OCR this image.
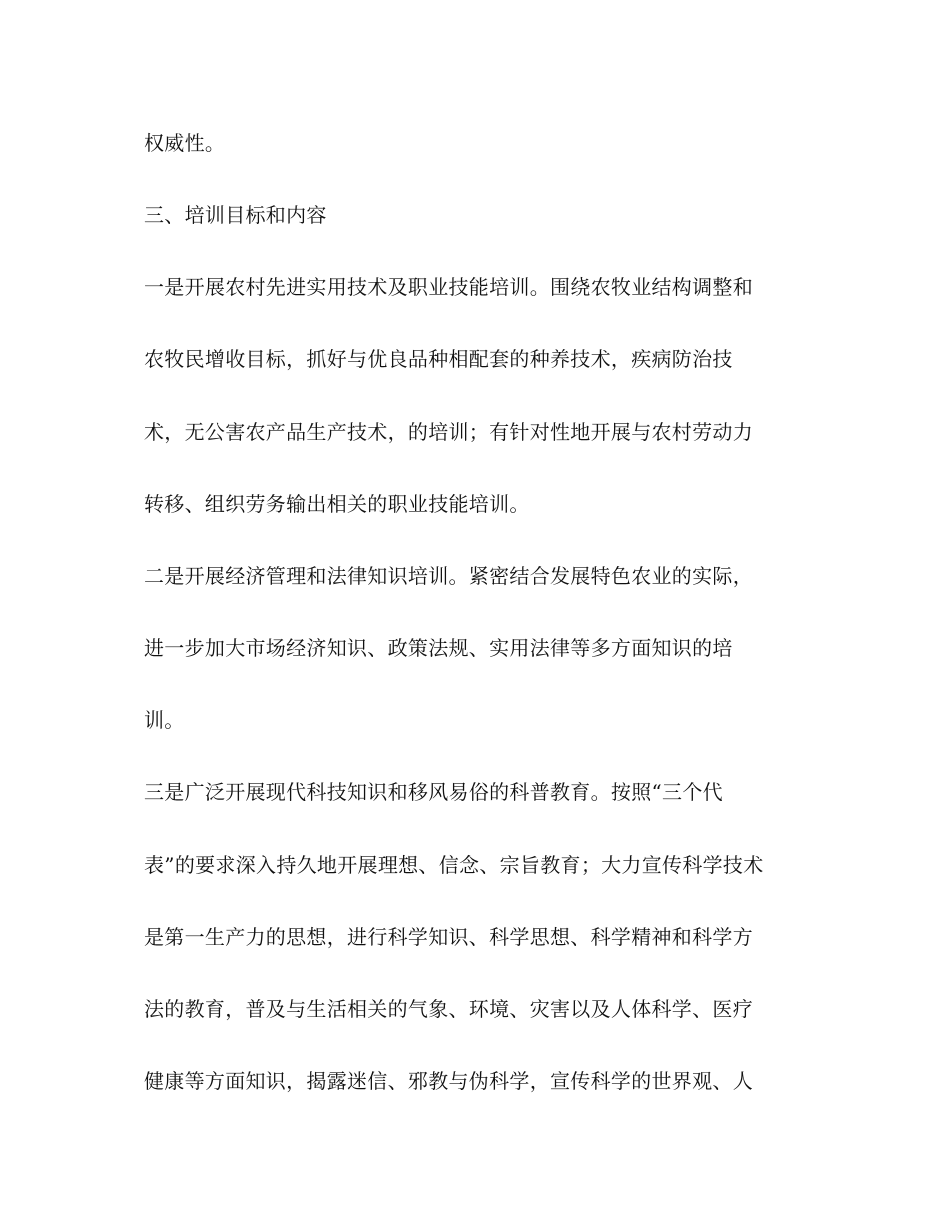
权威性。
三、培训目标和内容
一是开展农村先进实用技术及职业技能培训。围绕农牧业结构调整和
农牧民增收目标，抓好与优良品种相配套的种养技术，疾病防治技
术，无公害农产品生产技术，的培训；有针对性地开展与农村劳动力
转移、组织劳务输出相关的职业技能培训。
二是开展经济管理和法律知识培训。紧密结合发展特色农业的实际，
进一步加大市场经济知识、政策法规、实用法律等多方面知识的培
训。
三是广泛开展现代科技知识和移风易俗的科普教育。按照“三个代
表”的要求深入持久地开展理想、信念、宗旨教育；大力宣传科学技术
是第一生产力的思想，进行科学知识、科学思想、科学精神和科学方
法的教育，普及与生活相关的气象、环境、灾害以及人体科学、医疗
健康等方面知识，揭露迷信、邪教与伪科学，宣传科学的世界观、人
